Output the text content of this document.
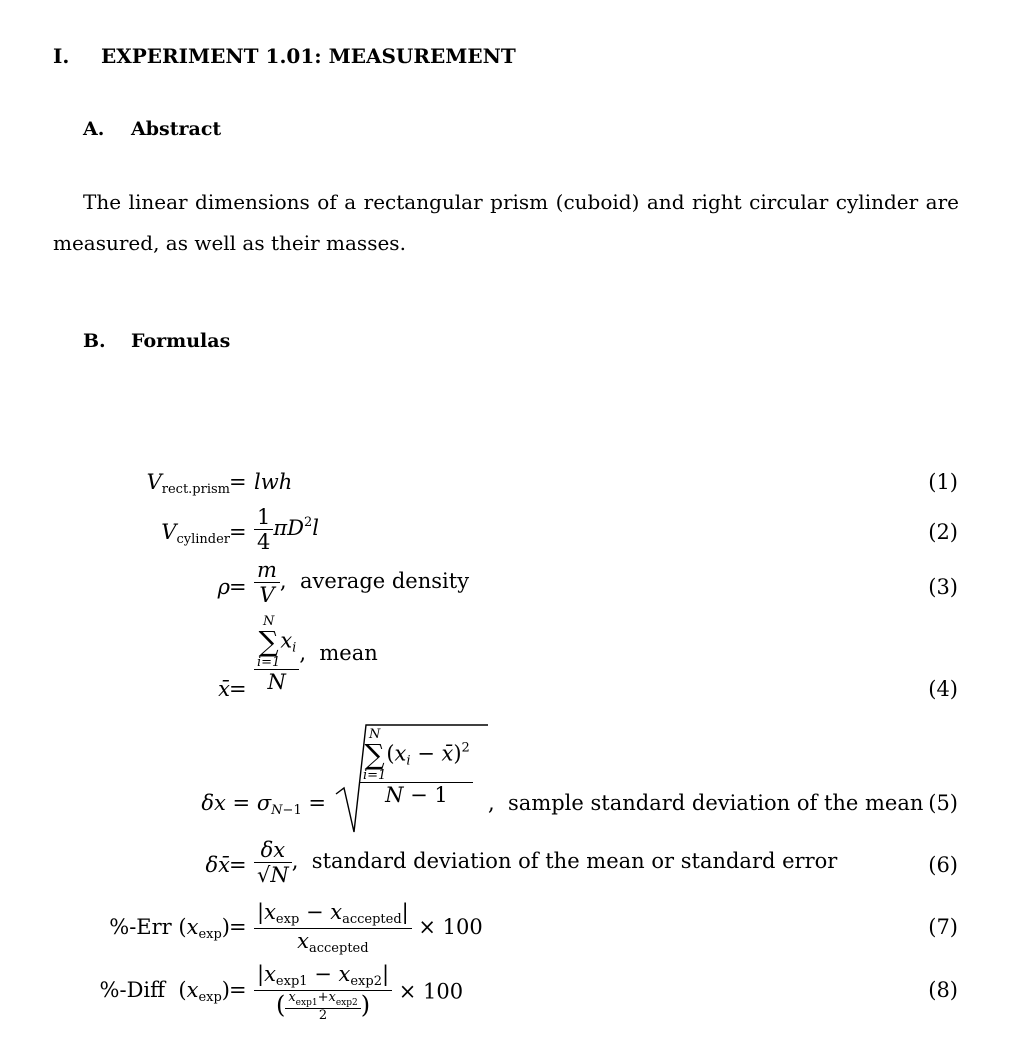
I. EXPERIMENT 1.01: MEASUREMENT
A. Abstract

The linear dimensions of a rectangular prism (cuboid) and right circular cylinder are measured, as well as their masses.

B. Formulas
$V_{rect.prism}$ = lwh	(1)
$V_{cylinder} = \frac{1}{4} \pi D^2l$	(2)
$\rho = \frac{m}{V}$ ,  average density	(3)
x̄ = N
∑
i=1
$x_i$
N ,  mean
(4)
$\delta x = \sigma_{N-1}$ =	N
∑
i=1
($x_i$ − x̄)$^2$
N − 1 ,  sample standard deviation of the mean (5)
δx̄ = $\frac{\delta x}{√N}$ ,  standard deviation of the mean or standard error	(6)
%-Err $(x_{exp}) = \frac{|x_{exp} - x_{accepted}|}{x_{accepted}} \times 100$	(7)
%-Diff  $(x_{exp}) = \frac{|x_{exp1} - x_{exp2}|}{( \frac{x_{exp1}+x_{exp2}}{2} )} \times 100$	(8)
